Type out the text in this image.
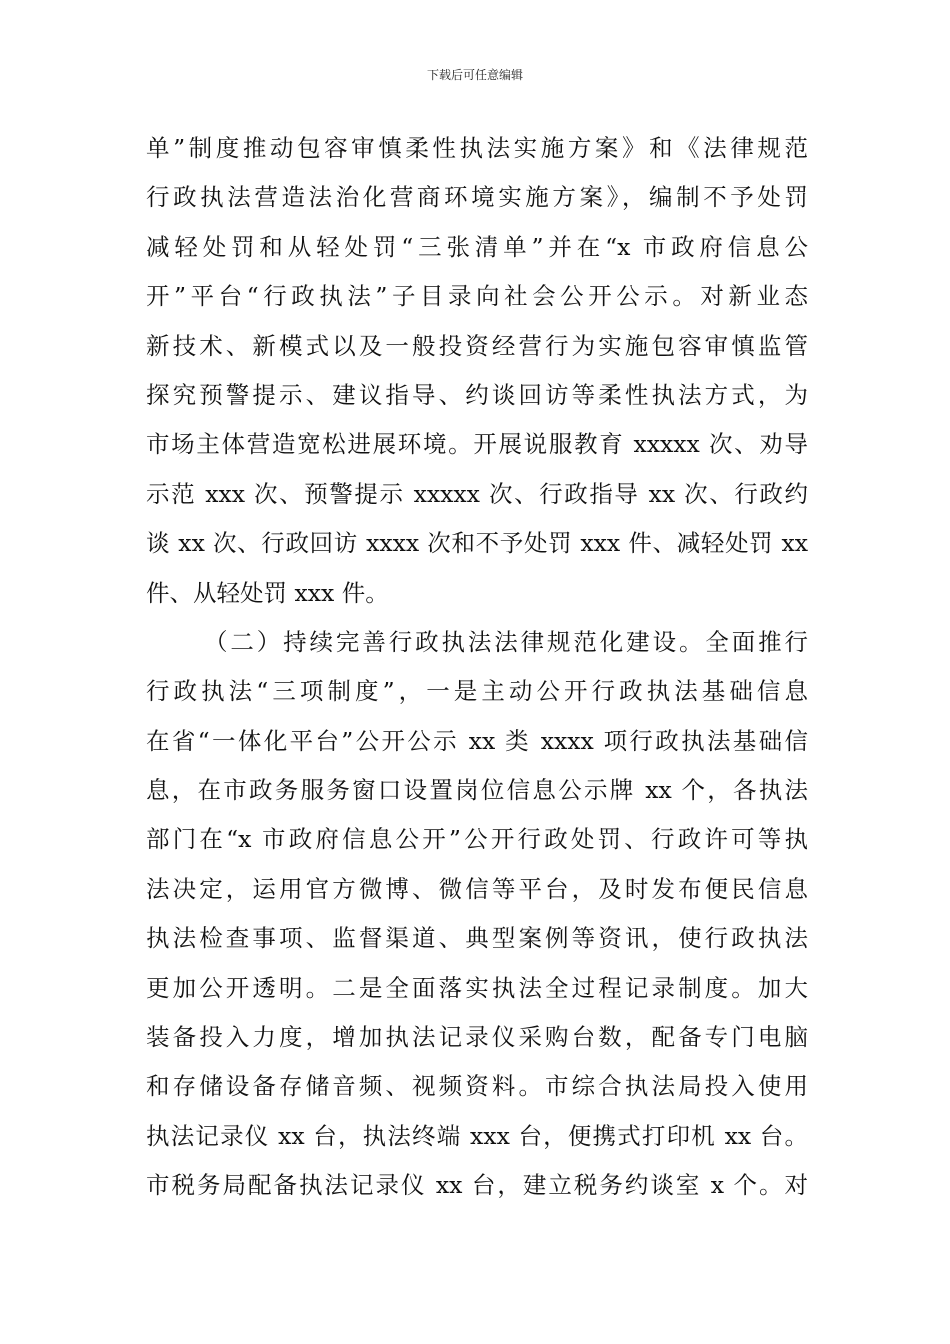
下载后可任意编辑
单”制度推动包容审慎柔性执法实施方案》和《法律规范
行政执法营造法治化营商环境实施方案》，编制不予处罚
减轻处罚和从轻处罚“三张清单”并在“x 市政府信息公
开”平台“行政执法”子目录向社会公开公示。对新业态
新技术、新模式以及一般投资经营行为实施包容审慎监管
探究预警提示、建议指导、约谈回访等柔性执法方式，为
市场主体营造宽松进展环境。开展说服教育 xxxxx 次、劝导
示范 xxx 次、预警提示 xxxxx 次、行政指导 xx 次、行政约
谈 xx 次、行政回访 xxxx 次和不予处罚 xxx 件、减轻处罚 xx
件、从轻处罚 xxx 件。
（二）持续完善行政执法法律规范化建设。全面推行
行政执法“三项制度”，一是主动公开行政执法基础信息
在省“一体化平台”公开公示 xx 类 xxxx 项行政执法基础信
息，在市政务服务窗口设置岗位信息公示牌 xx 个，各执法
部门在“x 市政府信息公开”公开行政处罚、行政许可等执
法决定，运用官方微博、微信等平台，及时发布便民信息
执法检查事项、监督渠道、典型案例等资讯，使行政执法
更加公开透明。二是全面落实执法全过程记录制度。加大
装备投入力度，增加执法记录仪采购台数，配备专门电脑
和存储设备存储音频、视频资料。市综合执法局投入使用
执法记录仪 xx 台，执法终端 xxx 台，便携式打印机 xx 台。
市税务局配备执法记录仪 xx 台，建立税务约谈室 x 个。对
